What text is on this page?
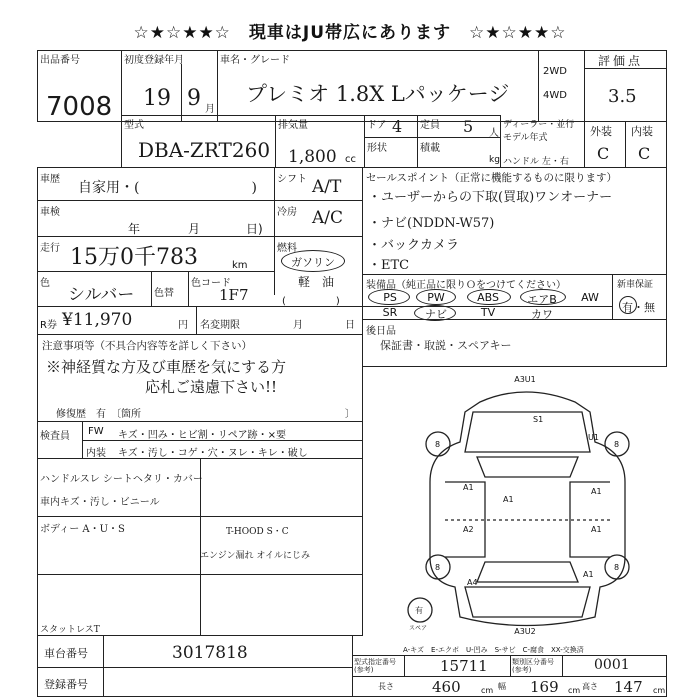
☆★☆★★☆　現車はJU帯広にあります　☆★☆★★☆
出品番号
7008
初度登録年月
19 9 月
車名・グレード
プレミオ 1.8X Lパッケージ
2WD
4WD
評価点
3.5
型式
DBA-ZRT260
排気量
1,800 cc
ドア 4 定員 5 人
ディーラー・並行
モデル年式	外装
C
内装
C
形状	積載
kg ハンドル 左・右
車歴
自家用・(　　　　　　　　)
シフト A/T
車検
年	月	日)
冷房 A/C
走行 15万0千783	km
燃料
ガソリン
色
シルバー 色替
色コード
1F7
軽　油
(　　　　　)
R券 ¥11,970	円 名変期限	月	日
セールスポイント（正常に機能するものに限ります）
・ユーザーからの下取(買取)ワンオーナー
・ナビ(NDDN-W57)
・バックカメラ
・ETC
装備品（純正品に限りＯをつけてください）
PS	PW	ABS	エアB	AW
SR	ナビ	TV	カワ
新車保証
有・無
後日品
保証書・取説・スペアキー
注意事項等（不具合内容等を詳しく下さい）
※神経質な方及び車歴を気にする方
応札ご遠慮下さい!!
修復歴　有　〔箇所	〕
検査員 FW キズ・凹み・ヒビ割・リペア跡・×要
内装 キズ・汚し・コゲ・穴・ヌレ・キレ・破し
ハンドルスレ シートヘタリ・カバー
車内キズ・汚し・ビニール
ボディー A・U・S	T-HOOD S・C
エンジン漏れ オイルにじみ
スタットレスT
A3U1
A3U2
S1
U1
A1	A1
A1
A2	A1
A4
A1
8	8
8	8
有
スペア
A-キズ　E-エクボ　U-凹み　S-サビ　C-腐食　XX-交換済
車台番号	3017818
登録番号
型式指定番号(参考)	15711	類別区分番号(参考)	0001
長さ	460	cm 幅 169 cm 高さ 147 cm
